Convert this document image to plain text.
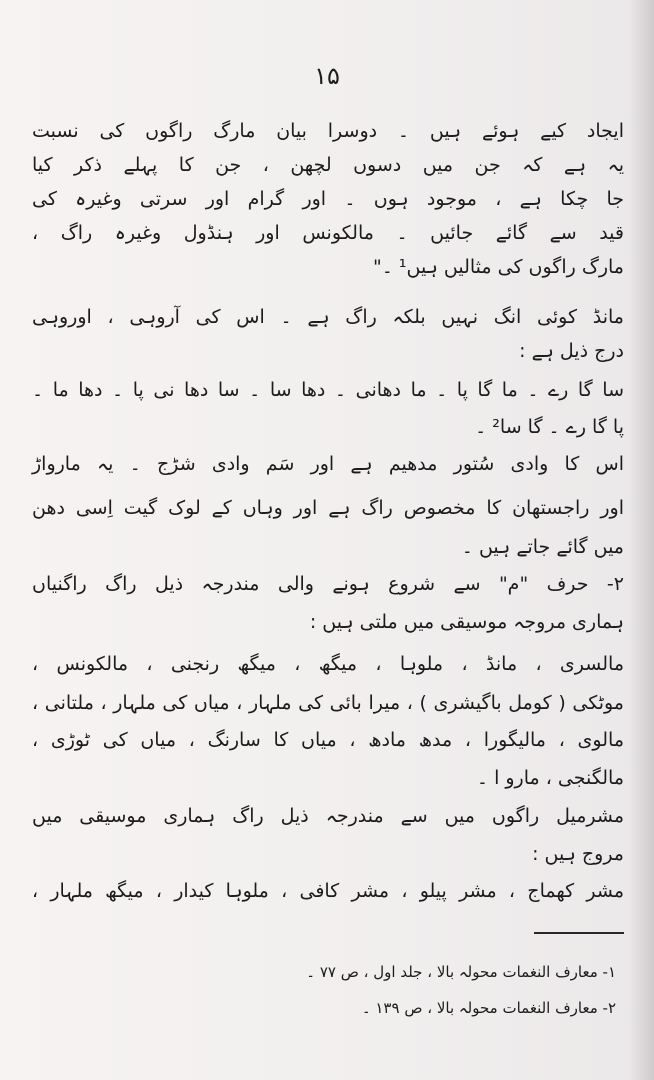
۱۵
ایجاد کیے ہوئے ہیں ۔ دوسرا بیان مارگ راگوں کی نسبت
یہ ہے کہ جن میں دسوں لچھن ، جن کا پہلے ذکر کیا
جا چکا ہے ، موجود ہوں ۔ اور گرام اور سرتی وغیرہ کی
قید سے گائے جائیں ۔ مالکونس اور ہنڈول وغیرہ راگ ،
مارگ راگوں کی مثالیں ہیں¹ ۔"
مانڈ کوئی انگ نہیں بلکہ راگ ہے ۔ اس کی آروہی ، اوروہی
درج ذیل ہے :
سا گا رے ۔ ما گا پا ۔ ما دھانی ۔ دھا سا ۔ سا دھا نی پا ۔ دھا ما ۔
پا گا رے ۔ گا سا² ۔
اس کا وادی سُتور مدھیم ہے اور سَم وادی شڑج ۔ یہ مارواڑ
اور راجستھان کا مخصوص راگ ہے اور وہاں کے لوک گیت اِسی دھن
میں گائے جاتے ہیں ۔
۲- حرف "م" سے شروع ہونے والی مندرجہ ذیل راگ راگنیاں
ہماری مروجہ موسیقی میں ملتی ہیں :
مالسری ، مانڈ ، ملوہا ، میگھ ، میگھ رنجنی ، مالکونس ،
موٹکی ( کومل باگیشری ) ، میرا بائی کی ملہار ، میاں کی ملہار ، ملتانی ،
مالوی ، مالیگورا ، مدھ مادھ ، میاں کا سارنگ ، میاں کی ٹوڑی ،
مالگنجی ، مارو ا ۔
مشرمیل راگوں میں سے مندرجہ ذیل راگ ہماری موسیقی میں
مروج ہیں :
مشر کھماج ، مشر پیلو ، مشر کافی ، ملوہا کیدار ، میگھ ملہار ،
۱- معارف النغمات محولہ بالا ، جلد اول ، ص ۷۷ ۔
۲- معارف النغمات محولہ بالا ، ص ۱۳۹ ۔
